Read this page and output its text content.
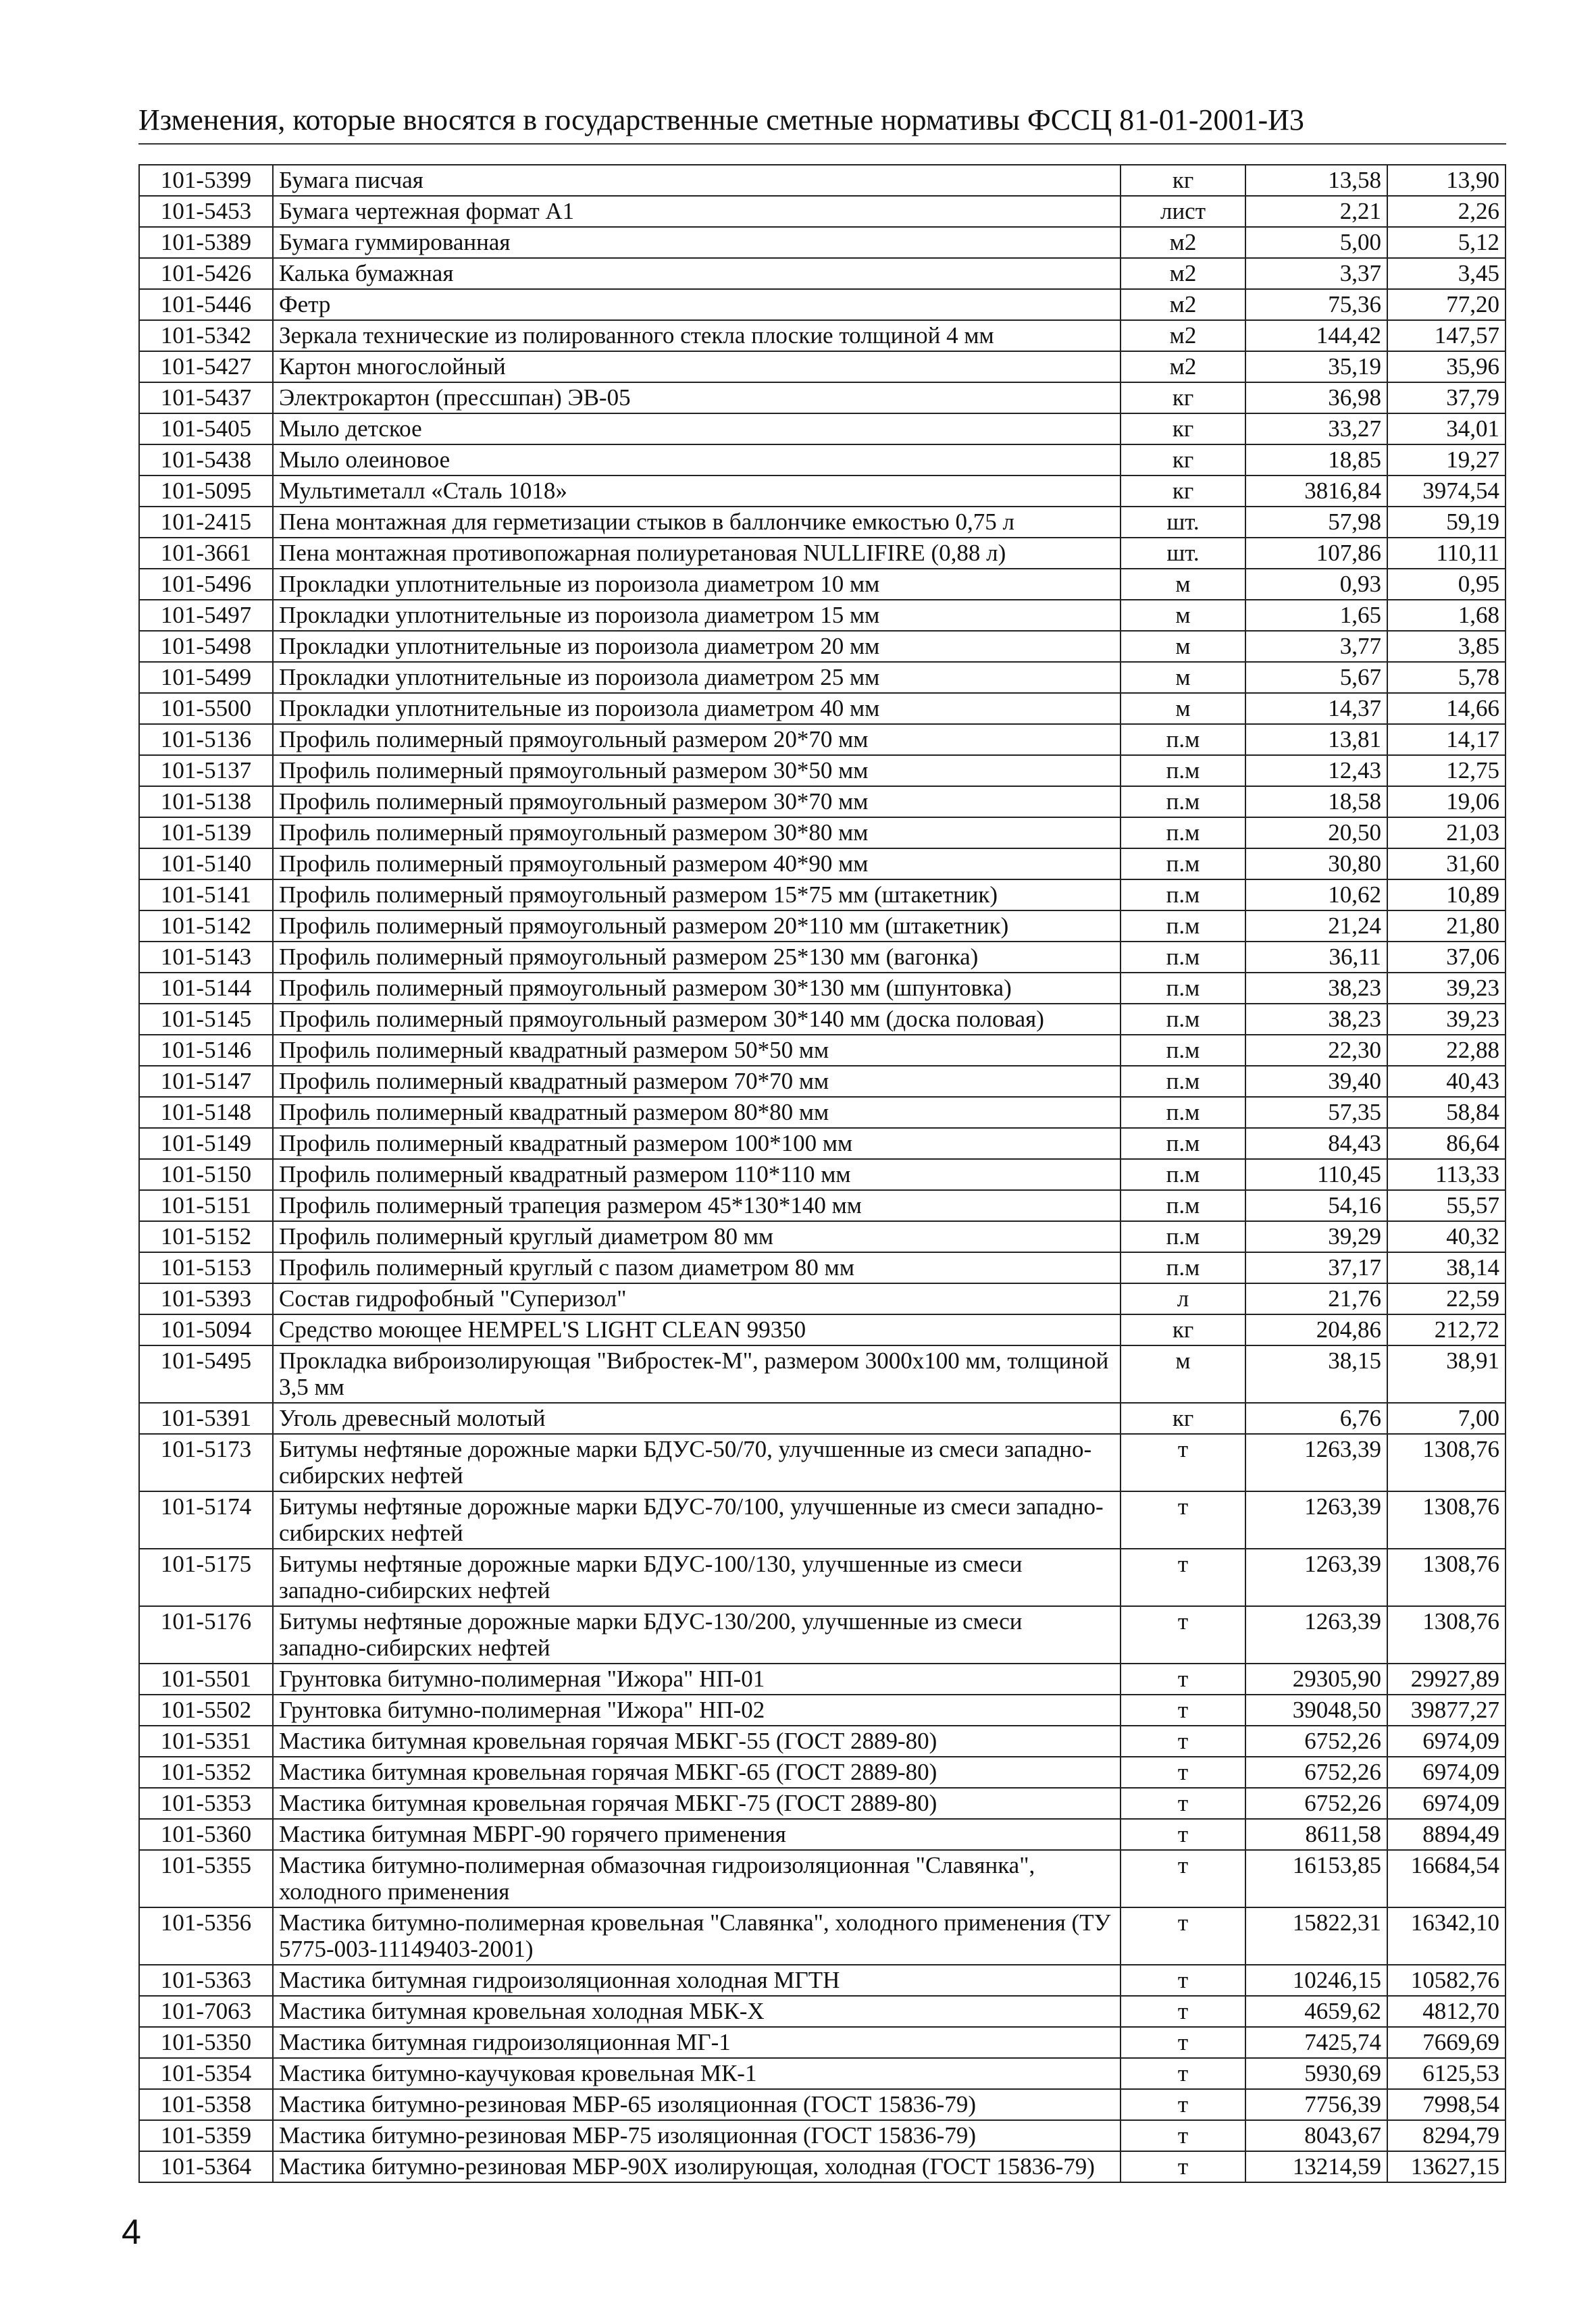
Изменения, которые вносятся в государственные сметные нормативы ФССЦ 81-01-2001-И3
101-5399	Бумага писчая	кг	13,58	13,90
101-5453	Бумага чертежная формат А1	лист	2,21	2,26
101-5389	Бумага гуммированная	м2	5,00	5,12
101-5426	Калька бумажная	м2	3,37	3,45
101-5446	Фетр	м2	75,36	77,20
101-5342	Зеркала технические из полированного стекла плоские толщиной 4 мм	м2	144,42	147,57
101-5427	Картон многослойный	м2	35,19	35,96
101-5437	Электрокартон (прессшпан) ЭВ-05	кг	36,98	37,79
101-5405	Мыло детское	кг	33,27	34,01
101-5438	Мыло олеиновое	кг	18,85	19,27
101-5095	Мультиметалл «Сталь 1018»	кг	3816,84	3974,54
101-2415	Пена монтажная для герметизации стыков в баллончике емкостью 0,75 л	шт.	57,98	59,19
101-3661	Пена монтажная противопожарная полиуретановая NULLIFIRE (0,88 л)	шт.	107,86	110,11
101-5496	Прокладки уплотнительные из пороизола диаметром 10 мм	м	0,93	0,95
101-5497	Прокладки уплотнительные из пороизола диаметром 15 мм	м	1,65	1,68
101-5498	Прокладки уплотнительные из пороизола диаметром 20 мм	м	3,77	3,85
101-5499	Прокладки уплотнительные из пороизола диаметром 25 мм	м	5,67	5,78
101-5500	Прокладки уплотнительные из пороизола диаметром 40 мм	м	14,37	14,66
101-5136	Профиль полимерный прямоугольный размером 20*70 мм	п.м	13,81	14,17
101-5137	Профиль полимерный прямоугольный размером 30*50 мм	п.м	12,43	12,75
101-5138	Профиль полимерный прямоугольный размером 30*70 мм	п.м	18,58	19,06
101-5139	Профиль полимерный прямоугольный размером 30*80 мм	п.м	20,50	21,03
101-5140	Профиль полимерный прямоугольный размером 40*90 мм	п.м	30,80	31,60
101-5141	Профиль полимерный прямоугольный размером 15*75 мм (штакетник)	п.м	10,62	10,89
101-5142	Профиль полимерный прямоугольный размером 20*110 мм (штакетник)	п.м	21,24	21,80
101-5143	Профиль полимерный прямоугольный размером 25*130 мм (вагонка)	п.м	36,11	37,06
101-5144	Профиль полимерный прямоугольный размером 30*130 мм (шпунтовка)	п.м	38,23	39,23
101-5145	Профиль полимерный прямоугольный размером 30*140 мм (доска половая)	п.м	38,23	39,23
101-5146	Профиль полимерный квадратный размером 50*50 мм	п.м	22,30	22,88
101-5147	Профиль полимерный квадратный размером 70*70 мм	п.м	39,40	40,43
101-5148	Профиль полимерный квадратный размером 80*80 мм	п.м	57,35	58,84
101-5149	Профиль полимерный квадратный размером 100*100 мм	п.м	84,43	86,64
101-5150	Профиль полимерный квадратный размером 110*110 мм	п.м	110,45	113,33
101-5151	Профиль полимерный трапеция размером 45*130*140 мм	п.м	54,16	55,57
101-5152	Профиль полимерный круглый диаметром 80 мм	п.м	39,29	40,32
101-5153	Профиль полимерный круглый с пазом диаметром 80 мм	п.м	37,17	38,14
101-5393	Состав гидрофобный "Суперизол"	л	21,76	22,59
101-5094	Средство моющее HEMPEL'S LIGHT CLEAN 99350	кг	204,86	212,72
101-5495	Прокладка виброизолирующая "Вибростек-М", размером 3000х100 мм, толщиной 3,5 мм	м	38,15	38,91
101-5391	Уголь древесный молотый	кг	6,76	7,00
101-5173	Битумы нефтяные дорожные марки БДУС-50/70, улучшенные из смеси западно-сибирских нефтей	т	1263,39	1308,76
101-5174	Битумы нефтяные дорожные марки БДУС-70/100, улучшенные из смеси западно-сибирских нефтей	т	1263,39	1308,76
101-5175	Битумы нефтяные дорожные марки БДУС-100/130, улучшенные из смеси западно-сибирских нефтей	т	1263,39	1308,76
101-5176	Битумы нефтяные дорожные марки БДУС-130/200, улучшенные из смеси западно-сибирских нефтей	т	1263,39	1308,76
101-5501	Грунтовка битумно-полимерная "Ижора" НП-01	т	29305,90	29927,89
101-5502	Грунтовка битумно-полимерная "Ижора" НП-02	т	39048,50	39877,27
101-5351	Мастика битумная кровельная горячая МБКГ-55 (ГОСТ 2889-80)	т	6752,26	6974,09
101-5352	Мастика битумная кровельная горячая МБКГ-65 (ГОСТ 2889-80)	т	6752,26	6974,09
101-5353	Мастика битумная кровельная горячая МБКГ-75 (ГОСТ 2889-80)	т	6752,26	6974,09
101-5360	Мастика битумная МБРГ-90 горячего применения	т	8611,58	8894,49
101-5355	Мастика битумно-полимерная обмазочная гидроизоляционная "Славянка", холодного применения	т	16153,85	16684,54
101-5356	Мастика битумно-полимерная кровельная "Славянка", холодного применения (ТУ 5775-003-11149403-2001)	т	15822,31	16342,10
101-5363	Мастика битумная гидроизоляционная холодная МГТН	т	10246,15	10582,76
101-7063	Мастика битумная кровельная холодная МБК-Х	т	4659,62	4812,70
101-5350	Мастика битумная гидроизоляционная МГ-1	т	7425,74	7669,69
101-5354	Мастика битумно-каучуковая кровельная МК-1	т	5930,69	6125,53
101-5358	Мастика битумно-резиновая МБР-65 изоляционная (ГОСТ 15836-79)	т	7756,39	7998,54
101-5359	Мастика битумно-резиновая МБР-75 изоляционная (ГОСТ 15836-79)	т	8043,67	8294,79
101-5364	Мастика битумно-резиновая МБР-90Х изолирующая, холодная (ГОСТ 15836-79)	т	13214,59	13627,15
4
